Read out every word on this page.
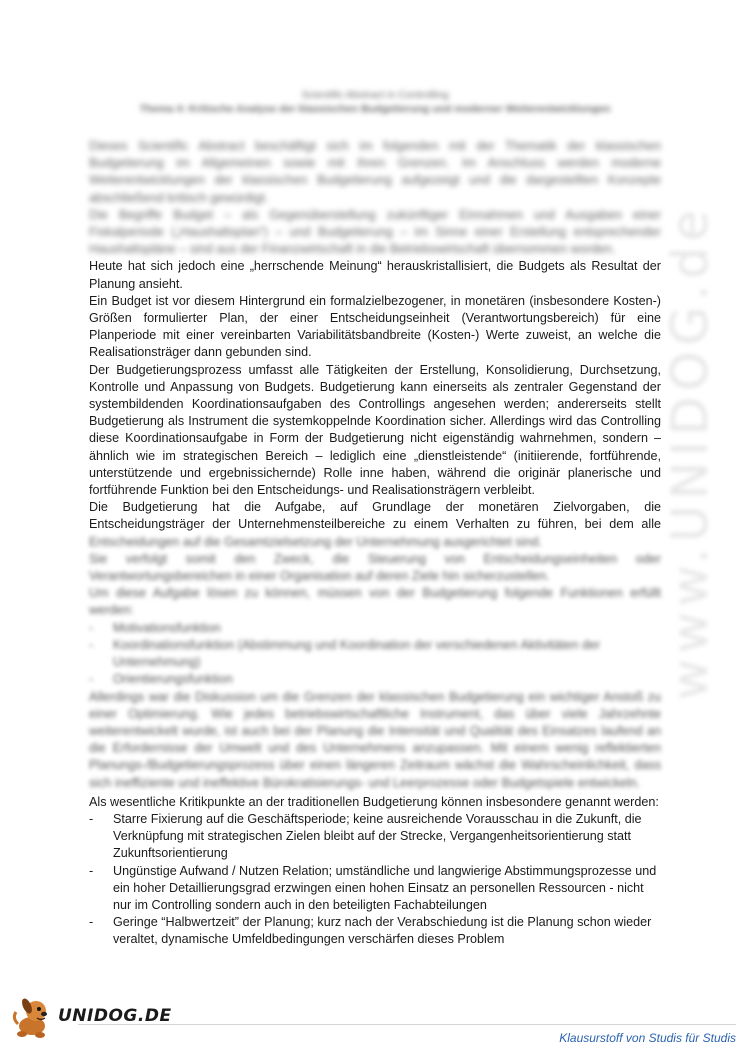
www.UNIDOG.de
Scientific Abstract in Controlling
Thema 4: Kritische Analyse der klassischen Budgetierung und moderner Weiterentwicklungen

Dieses Scientific Abstract beschäftigt sich im folgenden mit der Thematik der klassischen Budgetierung im Allgemeinen sowie mit ihren Grenzen. Im Anschluss werden moderne Weiterentwicklungen der klassischen Budgetierung aufgezeigt und die dargestellten Konzepte abschließend kritisch gewürdigt.

Die Begriffe Budget – als Gegenüberstellung zukünftiger Einnahmen und Ausgaben einer Fiskalperiode („Haushaltsplan“) – und Budgetierung – im Sinne einer Erstellung entsprechender Haushaltspläne – sind aus der Finanzwirtschaft in die Betriebswirtschaft übernommen worden.

Heute hat sich jedoch eine „herrschende Meinung“ herauskristallisiert, die Budgets als Resultat der Planung ansieht.

Ein Budget ist vor diesem Hintergrund ein formalzielbezogener, in monetären (insbesondere Kosten-) Größen formulierter Plan, der einer Entscheidungseinheit (Verantwortungsbereich) für eine Planperiode mit einer vereinbarten Variabilitätsbandbreite (Kosten-) Werte zuweist, an welche die Realisationsträger dann gebunden sind.

Der Budgetierungsprozess umfasst alle Tätigkeiten der Erstellung, Konsolidierung, Durchsetzung, Kontrolle und Anpassung von Budgets. Budgetierung kann einerseits als zentraler Gegenstand der systembildenden Koordinationsaufgaben des Controllings angesehen werden; andererseits stellt Budgetierung als Instrument die systemkoppelnde Koordination sicher. Allerdings wird das Controlling diese Koordinationsaufgabe in Form der Budgetierung nicht eigenständig wahrnehmen, sondern – ähnlich wie im strategischen Bereich – lediglich eine „dienstleistende“ (initiierende, fortführende, unterstützende und ergebnissichernde) Rolle inne haben, während die originär planerische und fortführende Funktion bei den Entscheidungs- und Realisationsträgern verbleibt.

Die Budgetierung hat die Aufgabe, auf Grundlage der monetären Zielvorgaben, die Entscheidungsträger der Unternehmensteilbereiche zu einem Verhalten zu führen, bei dem alle

Entscheidungen auf die Gesamtzielsetzung der Unternehmung ausgerichtet sind.

Sie verfolgt somit den Zweck, die Steuerung von Entscheidungseinheiten oder Verantwortungsbereichen in einer Organisation auf deren Ziele hin sicherzustellen.

Um diese Aufgabe lösen zu können, müssen von der Budgetierung folgende Funktionen erfüllt werden:

- Motivationsfunktion
- Koordinationsfunktion (Abstimmung und Koordination der verschiedenen Aktivitäten der Unternehmung)
- Orientierungsfunktion

Allerdings war die Diskussion um die Grenzen der klassischen Budgetierung ein wichtiger Anstoß zu einer Optimierung. Wie jedes betriebswirtschaftliche Instrument, das über viele Jahrzehnte weiterentwickelt wurde, ist auch bei der Planung die Intensität und Qualität des Einsatzes laufend an die Erfordernisse der Umwelt und des Unternehmens anzupassen. Mit einem wenig reflektierten Planungs-/Budgetierungsprozess über einen längeren Zeitraum wächst die Wahrscheinlichkeit, dass sich ineffiziente und ineffektive Bürokratisierungs- und Leerprozesse oder Budgetspiele entwickeln.

Als wesentliche Kritikpunkte an der traditionellen Budgetierung können insbesondere genannt werden:

- Starre Fixierung auf die Geschäftsperiode; keine ausreichende Vorausschau in die Zukunft, die Verknüpfung mit strategischen Zielen bleibt auf der Strecke, Vergangenheitsorientierung statt Zukunftsorientierung
- Ungünstige Aufwand / Nutzen Relation; umständliche und langwierige Abstimmungsprozesse und ein hoher Detaillierungsgrad erzwingen einen hohen Einsatz an personellen Ressourcen - nicht nur im Controlling sondern auch in den beteiligten Fachabteilungen
- Geringe “Halbwertzeit” der Planung; kurz nach der Verabschiedung ist die Planung schon wieder veraltet, dynamische Umfeldbedingungen verschärfen dieses Problem
UNIDOG.DE
Klausurstoff von Studis für Studis
